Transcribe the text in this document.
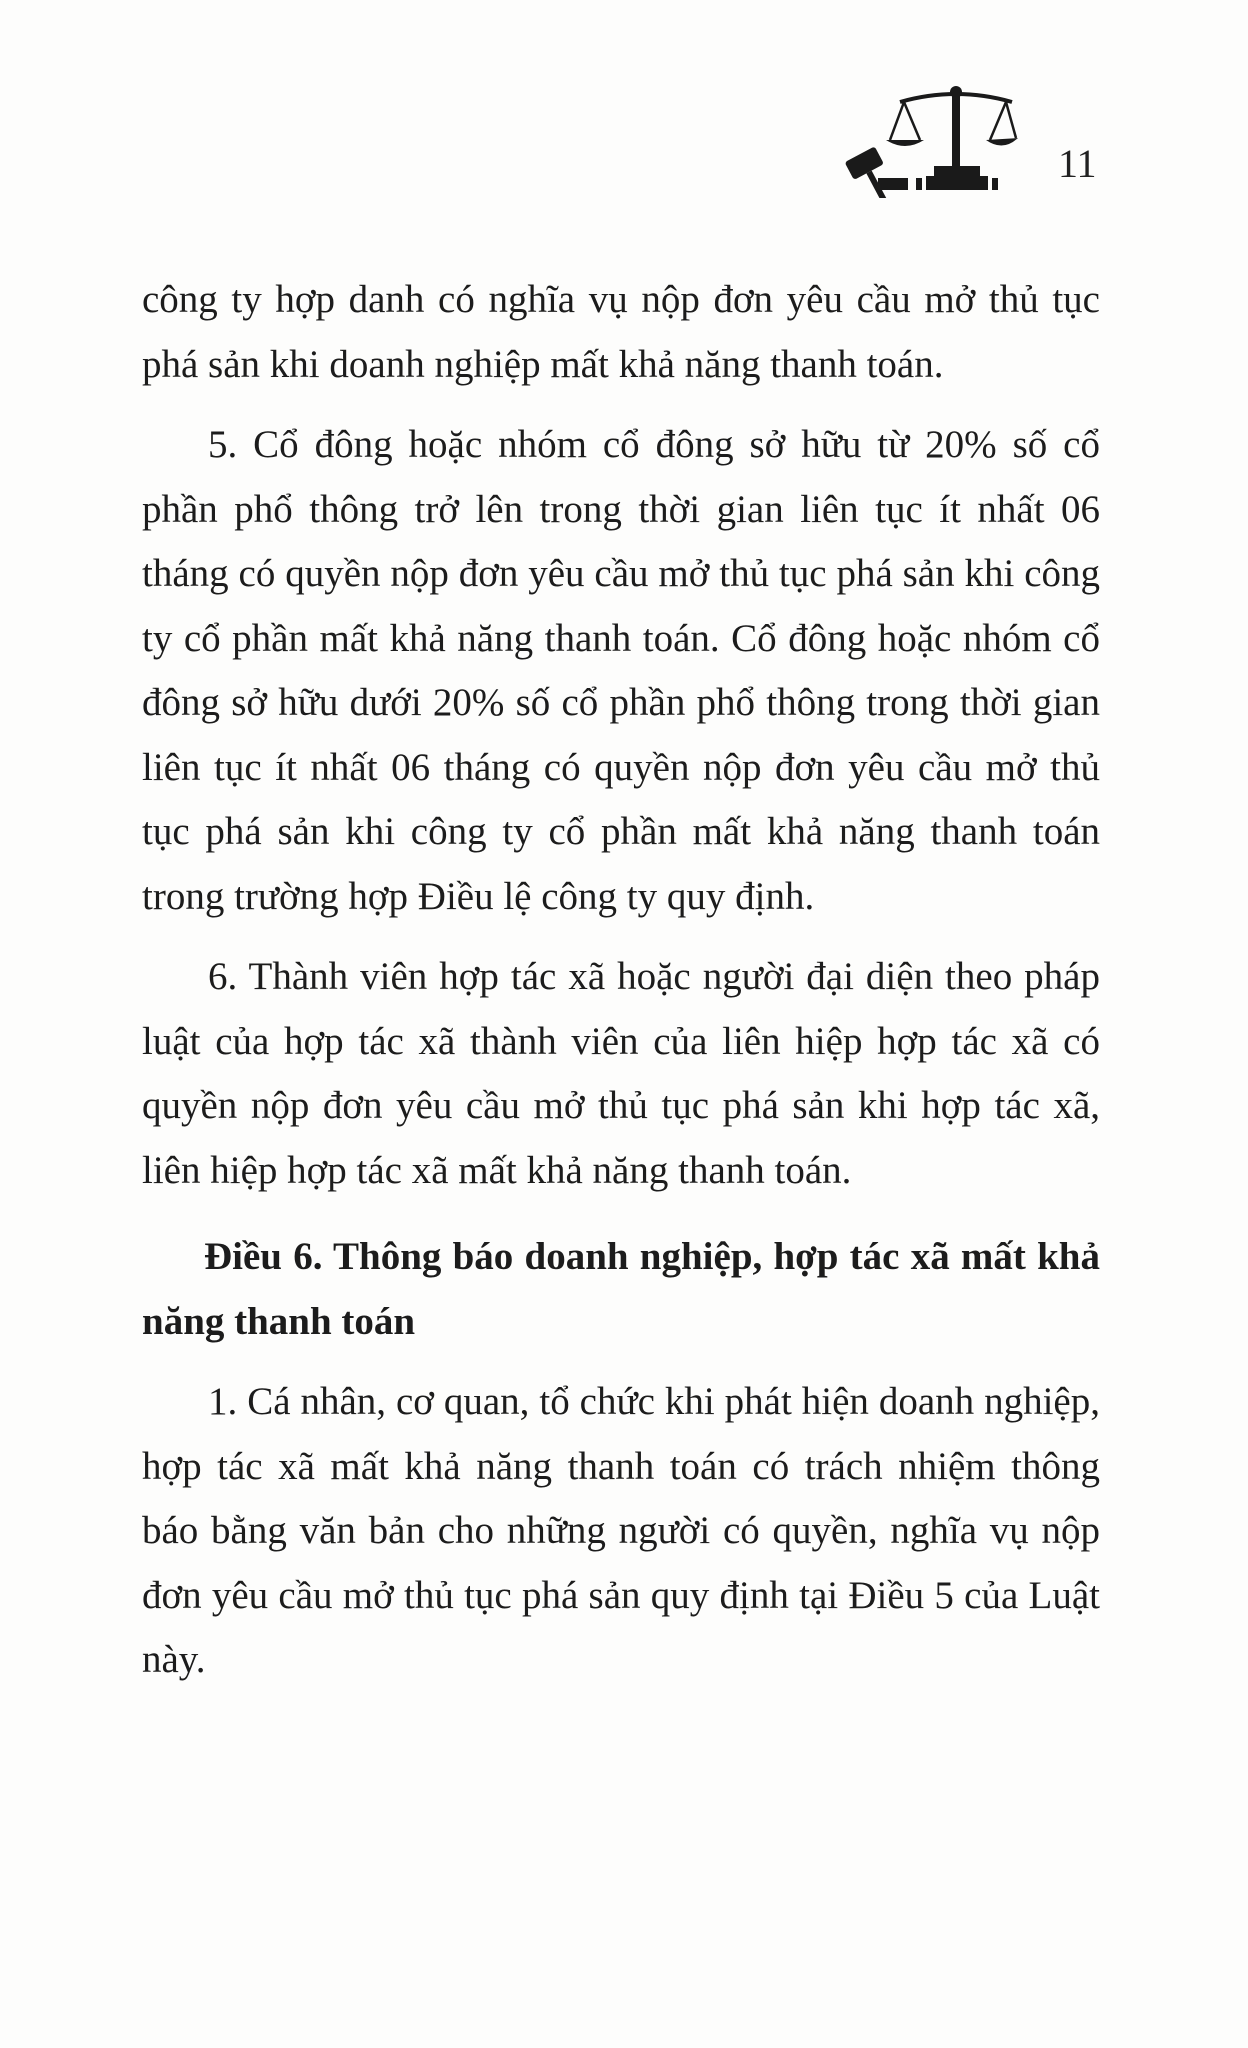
11

công ty hợp danh có nghĩa vụ nộp đơn yêu cầu mở thủ tục phá sản khi doanh nghiệp mất khả năng thanh toán.

5. Cổ đông hoặc nhóm cổ đông sở hữu từ 20% số cổ phần phổ thông trở lên trong thời gian liên tục ít nhất 06 tháng có quyền nộp đơn yêu cầu mở thủ tục phá sản khi công ty cổ phần mất khả năng thanh toán. Cổ đông hoặc nhóm cổ đông sở hữu dưới 20% số cổ phần phổ thông trong thời gian liên tục ít nhất 06 tháng có quyền nộp đơn yêu cầu mở thủ tục phá sản khi công ty cổ phần mất khả năng thanh toán trong trường hợp Điều lệ công ty quy định.

6. Thành viên hợp tác xã hoặc người đại diện theo pháp luật của hợp tác xã thành viên của liên hiệp hợp tác xã có quyền nộp đơn yêu cầu mở thủ tục phá sản khi hợp tác xã, liên hiệp hợp tác xã mất khả năng thanh toán.

Điều 6. Thông báo doanh nghiệp, hợp tác xã mất khả năng thanh toán

1. Cá nhân, cơ quan, tổ chức khi phát hiện doanh nghiệp, hợp tác xã mất khả năng thanh toán có trách nhiệm thông báo bằng văn bản cho những người có quyền, nghĩa vụ nộp đơn yêu cầu mở thủ tục phá sản quy định tại Điều 5 của Luật này.
